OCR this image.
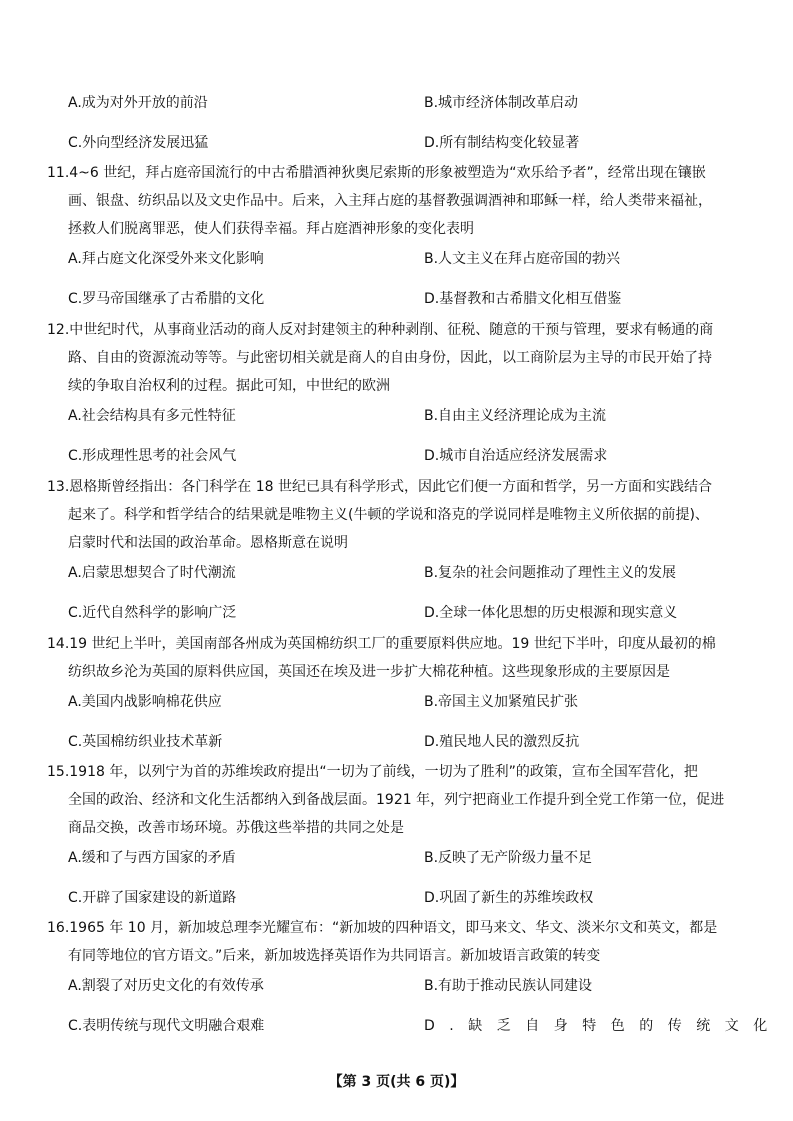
A.成为对外开放的前沿	B.城市经济体制改革启动
C.外向型经济发展迅猛	D.所有制结构变化较显著
11.4~6 世纪，拜占庭帝国流行的中古希腊酒神狄奥尼索斯的形象被塑造为“欢乐给予者”，经常出现在镶嵌
画、银盘、纺织品以及文史作品中。后来，入主拜占庭的基督教强调酒神和耶稣一样，给人类带来福祉，
拯救人们脱离罪恶，使人们获得幸福。拜占庭酒神形象的变化表明
A.拜占庭文化深受外来文化影响	B.人文主义在拜占庭帝国的勃兴
C.罗马帝国继承了古希腊的文化	D.基督教和古希腊文化相互借鉴
12.中世纪时代，从事商业活动的商人反对封建领主的种种剥削、征税、随意的干预与管理，要求有畅通的商
路、自由的资源流动等等。与此密切相关就是商人的自由身份，因此，以工商阶层为主导的市民开始了持
续的争取自治权利的过程。据此可知，中世纪的欧洲
A.社会结构具有多元性特征	B.自由主义经济理论成为主流
C.形成理性思考的社会风气	D.城市自治适应经济发展需求
13.恩格斯曾经指出：各门科学在 18 世纪已具有科学形式，因此它们便一方面和哲学，另一方面和实践结合
起来了。科学和哲学结合的结果就是唯物主义(牛顿的学说和洛克的学说同样是唯物主义所依据的前提)、
启蒙时代和法国的政治革命。恩格斯意在说明
A.启蒙思想契合了时代潮流	B.复杂的社会问题推动了理性主义的发展
C.近代自然科学的影响广泛	D.全球一体化思想的历史根源和现实意义
14.19 世纪上半叶，美国南部各州成为英国棉纺织工厂的重要原料供应地。19 世纪下半叶，印度从最初的棉
纺织故乡沦为英国的原料供应国，英国还在埃及进一步扩大棉花种植。这些现象形成的主要原因是
A.美国内战影响棉花供应	B.帝国主义加紧殖民扩张
C.英国棉纺织业技术革新	D.殖民地人民的激烈反抗
15.1918 年，以列宁为首的苏维埃政府提出“一切为了前线，一切为了胜利”的政策，宣布全国军营化，把
全国的政治、经济和文化生活都纳入到备战层面。1921 年，列宁把商业工作提升到全党工作第一位，促进
商品交换，改善市场环境。苏俄这些举措的共同之处是
A.缓和了与西方国家的矛盾	B.反映了无产阶级力量不足
C.开辟了国家建设的新道路	D.巩固了新生的苏维埃政权
16.1965 年 10 月，新加坡总理李光耀宣布：“新加坡的四种语文，即马来文、华文、淡米尔文和英文，都是
有同等地位的官方语文。”后来，新加坡选择英语作为共同语言。新加坡语言政策的转变
A.割裂了对历史文化的有效传承	B.有助于推动民族认同建设
C.表明传统与现代文明融合艰难	D.缺乏自身特色的传统文化
【第 3 页(共 6 页)】
